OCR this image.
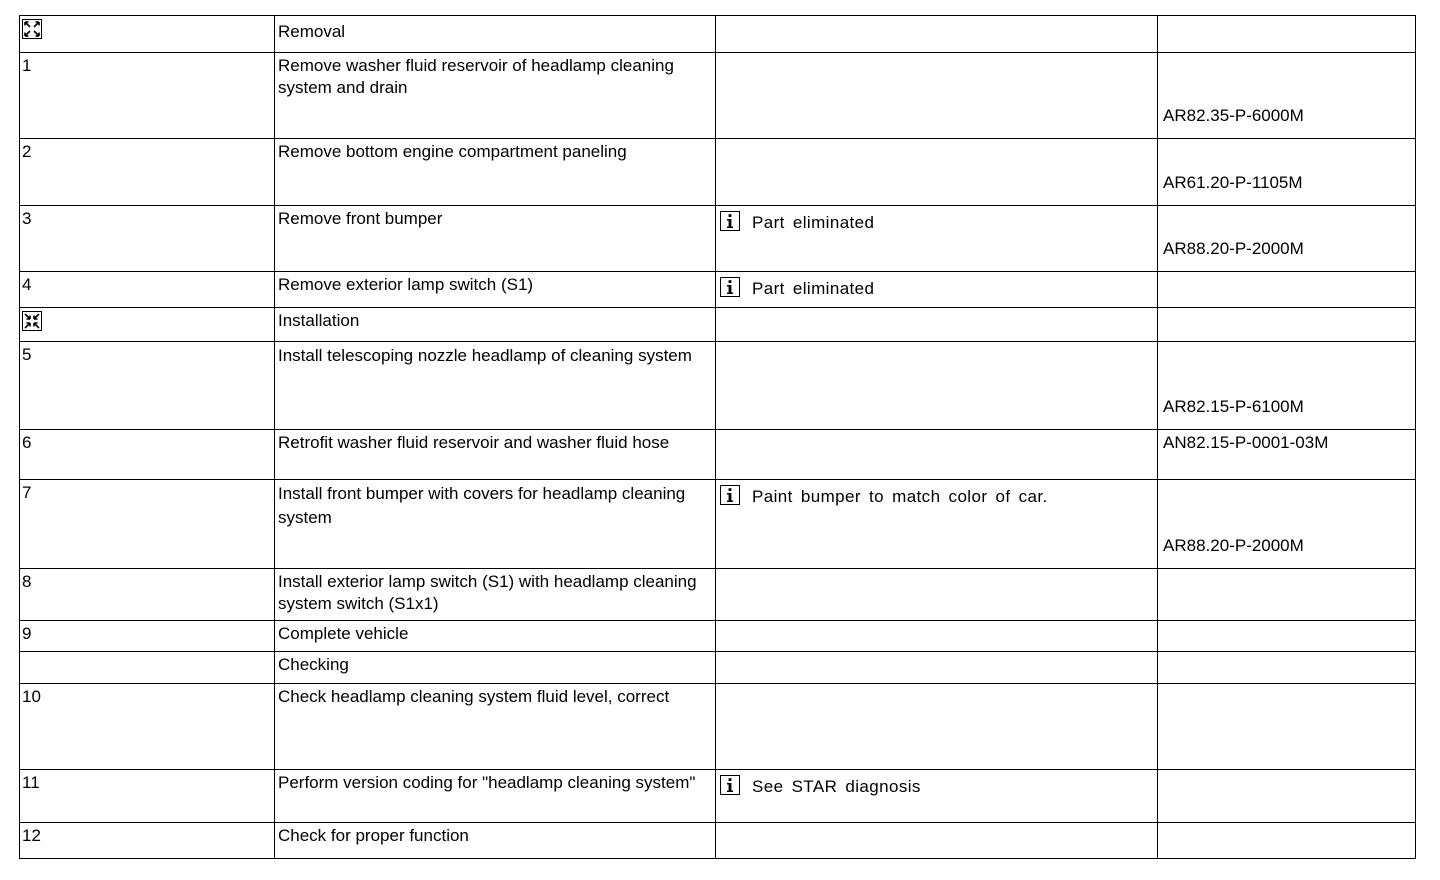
	Removal		
1	Remove washer fluid reservoir of headlamp cleaning system and drain		AR82.35-P-6000M

2	Remove bottom engine compartment paneling		AR61.20-P-1105M

3	Remove front bumper	Part eliminated	AR88.20-P-2000M

4	Remove exterior lamp switch (S1)	Part eliminated	

	Installation		
5	Install telescoping nozzle headlamp of cleaning system		AR82.15-P-6100M

6	Retrofit washer fluid reservoir and washer fluid hose		AN82.15-P-0001-03M

7	Install front bumper with covers for headlamp cleaning system	Paint bumper to match color of car.	AR88.20-P-2000M

8	Install exterior lamp switch (S1) with headlamp cleaning system switch (S1x1)		
9	Complete vehicle		
	Checking		
10	Check headlamp cleaning system fluid level, correct		
11	Perform version coding for "headlamp cleaning system"	See STAR diagnosis	

12	Check for proper function		
